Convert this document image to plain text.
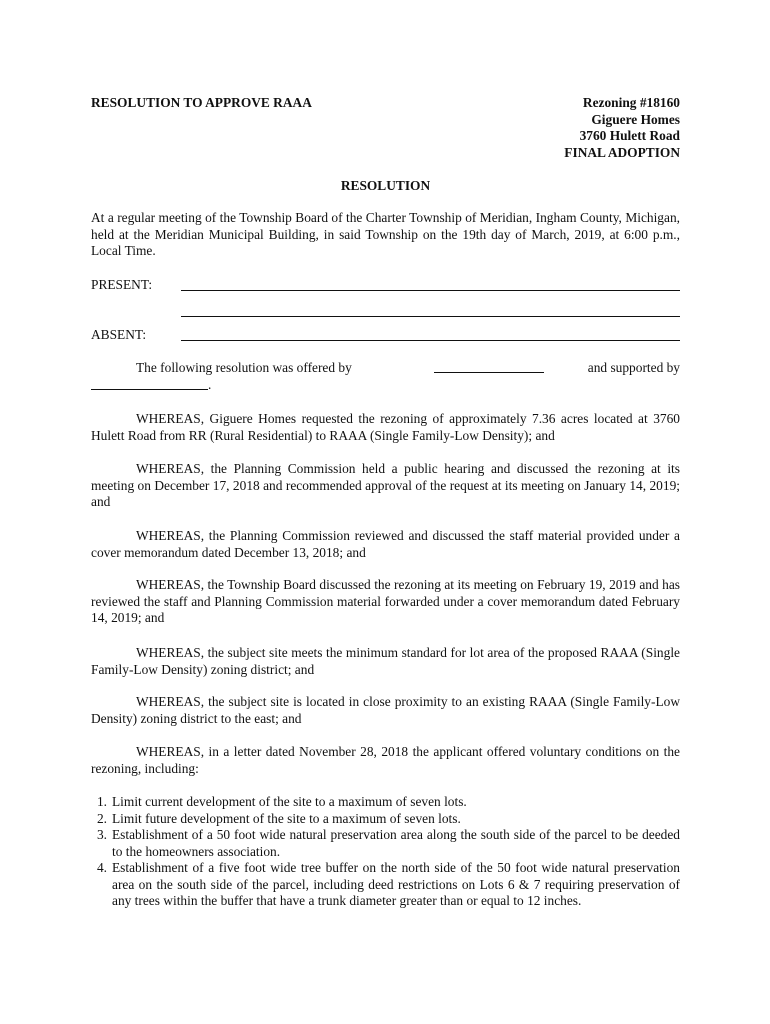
RESOLUTION TO APPROVE RAAA	Rezoning #18160
Giguere Homes
3760 Hulett Road
FINAL ADOPTION
RESOLUTION

At a regular meeting of the Township Board of the Charter Township of Meridian, Ingham County, Michigan, held at the Meridian Municipal Building, in said Township on the 19th day of March, 2019, at 6:00 p.m., Local Time.

PRESENT:
ABSENT:
The following resolution was offered by	and supported by
.

WHEREAS, Giguere Homes requested the rezoning of approximately 7.36 acres located at 3760 Hulett Road from RR (Rural Residential) to RAAA (Single Family-Low Density); and

WHEREAS, the Planning Commission held a public hearing and discussed the rezoning at its meeting on December 17, 2018 and recommended approval of the request at its meeting on January 14, 2019; and

WHEREAS, the Planning Commission reviewed and discussed the staff material provided under a cover memorandum dated December 13, 2018; and

WHEREAS, the Township Board discussed the rezoning at its meeting on February 19, 2019 and has reviewed the staff and Planning Commission material forwarded under a cover memorandum dated February 14, 2019; and

WHEREAS, the subject site meets the minimum standard for lot area of the proposed RAAA (Single Family-Low Density) zoning district; and

WHEREAS, the subject site is located in close proximity to an existing RAAA (Single Family-Low Density) zoning district to the east; and

WHEREAS, in a letter dated November 28, 2018 the applicant offered voluntary conditions on the rezoning, including:

1. Limit current development of the site to a maximum of seven lots.
2. Limit future development of the site to a maximum of seven lots.
3. Establishment of a 50 foot wide natural preservation area along the south side of the parcel to be deeded to the homeowners association.
4. Establishment of a five foot wide tree buffer on the north side of the 50 foot wide natural preservation area on the south side of the parcel, including deed restrictions on Lots 6 & 7 requiring preservation of any trees within the buffer that have a trunk diameter greater than or equal to 12 inches.
